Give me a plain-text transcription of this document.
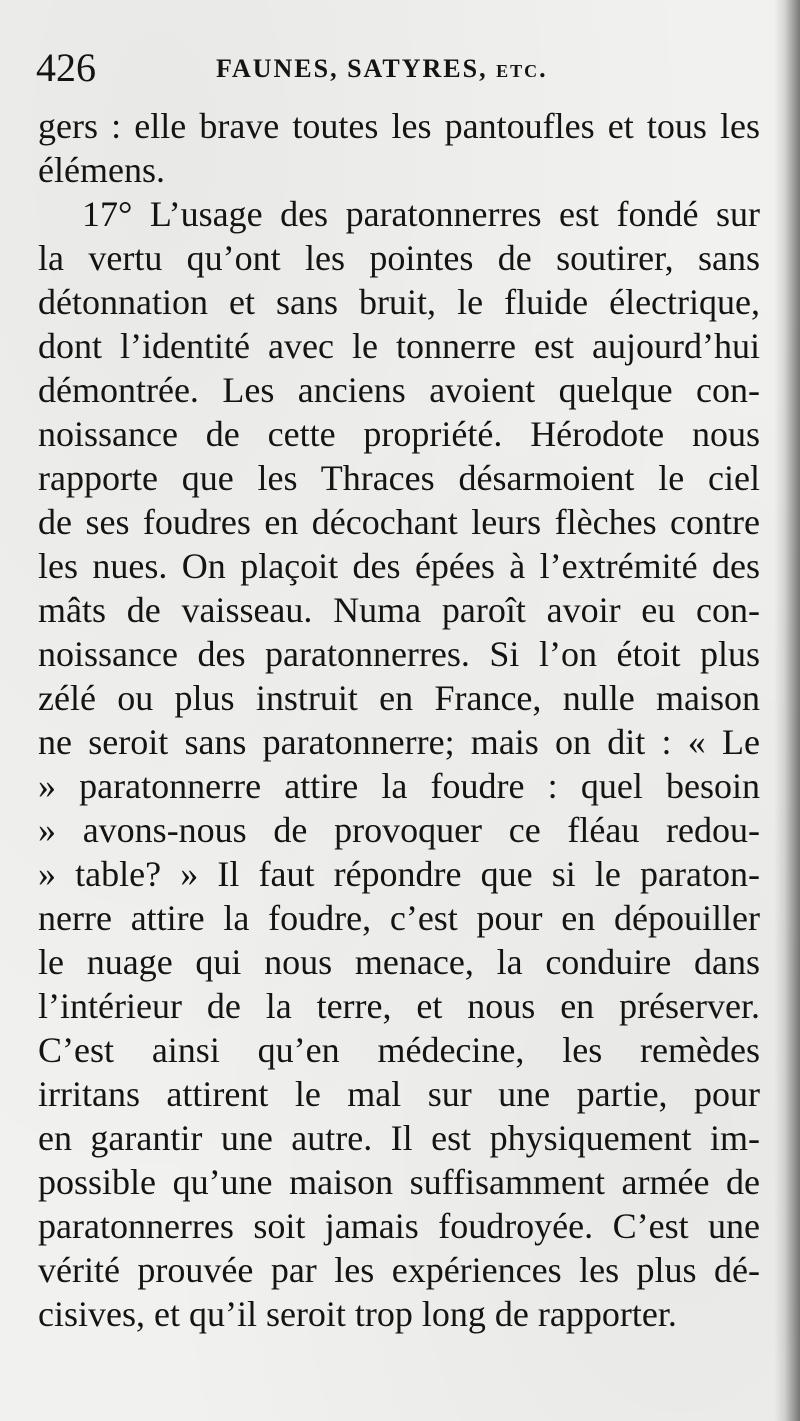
426	FAUNES, SATYRES, etc.
gers : elle brave toutes les pantoufles et tous les
élémens.
17° L’usage des paratonnerres est fondé sur
la vertu qu’ont les pointes de soutirer, sans
détonnation et sans bruit, le fluide électrique,
dont l’identité avec le tonnerre est aujourd’hui
démontrée. Les anciens avoient quelque con-
noissance de cette propriété. Hérodote nous
rapporte que les Thraces désarmoient le ciel
de ses foudres en décochant leurs flèches contre
les nues. On plaçoit des épées à l’extrémité des
mâts de vaisseau. Numa paroît avoir eu con-
noissance des paratonnerres. Si l’on étoit plus
zélé ou plus instruit en France, nulle maison
ne seroit sans paratonnerre; mais on dit : « Le
» paratonnerre attire la foudre : quel besoin
» avons-nous de provoquer ce fléau redou-
» table? » Il faut répondre que si le paraton-
nerre attire la foudre, c’est pour en dépouiller
le nuage qui nous menace, la conduire dans
l’intérieur de la terre, et nous en préserver.
C’est ainsi qu’en médecine, les remèdes
irritans attirent le mal sur une partie, pour
en garantir une autre. Il est physiquement im-
possible qu’une maison suffisamment armée de
paratonnerres soit jamais foudroyée. C’est une
vérité prouvée par les expériences les plus dé-
cisives, et qu’il seroit trop long de rapporter.
